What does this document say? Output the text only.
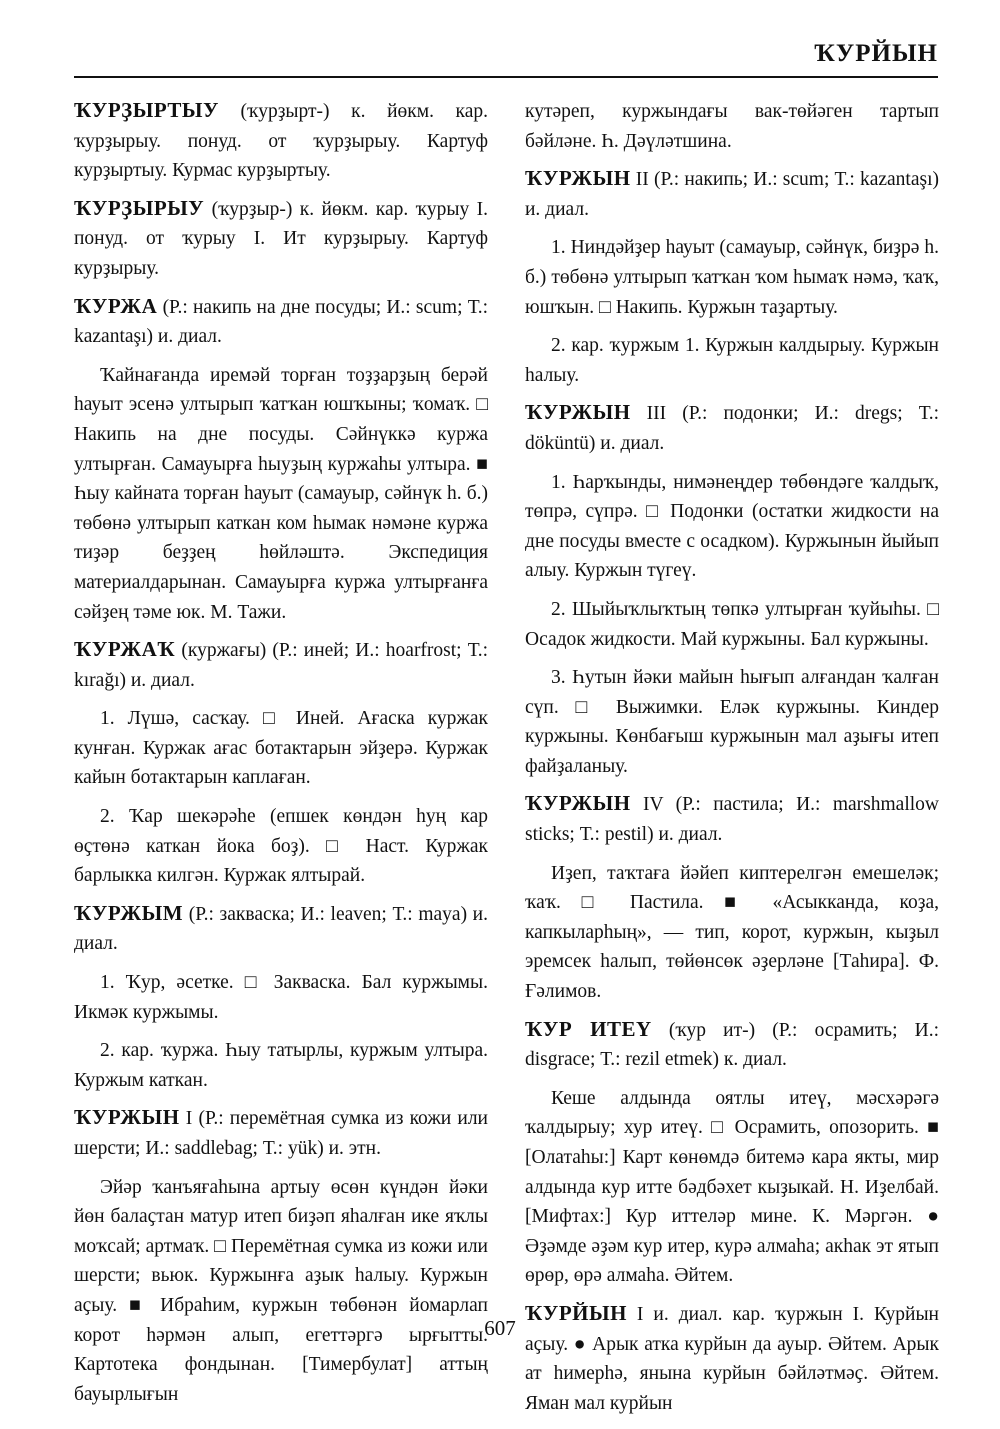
ҠУРЙЫН

ҠУРҘЫРТЫУ (ҡурҙырт-) к. йөкм. кар. ҡурҙырыу. понуд. от ҡурҙырыу. Картуф курҙыртыу. Курмас курҙыртыу.

ҠУРҘЫРЫУ (ҡурҙыр-) к. йөкм. кар. ҡурыу I. понуд. от ҡурыу I. Ит курҙырыу. Картуф курҙырыу.

ҠУРЖА (Р.: накипь на дне посуды; И.: scum; Т.: kazantaşı) и. диал.

Ҡайнағанда иремәй торған тоҙҙарҙың берәй һауыт эсенә ултырып ҡатҡан юшҡыны; ҡомаҡ. □ Накипь на дне посуды. Сәйнүккә куржа ултырған. Самауырға һыуҙың куржаһы ултыра. ■ Һыу кайната торған һауыт (самауыр, сәйнүк һ. б.) төбөнә ултырып каткан ком һымак нәмәне куржа тиҙәр беҙҙең һөйләштә. Экспедиция материалдарынан. Самауырға куржа ултырғанға сәйҙең тәме юк. М. Тажи.

ҠУРЖАҠ (куржағы) (Р.: иней; И.: hoarfrost; Т.: kırağı) и. диал.

1. Лүшә, сасҡау. □ Иней. Ағаска куржак кунған. Куржак ағас ботактарын эйҙерә. Куржак кайын ботактарын каплаған.

2. Ҡар шекәрәһе (епшек көндән һуң кар өҫтөнә каткан йока боҙ). □ Наст. Куржак барлыкка килгән. Куржак ялтырай.

ҠУРЖЫМ (Р.: закваска; И.: leaven; Т.: maya) и. диал.

1. Ҡур, әсетке. □ Закваска. Бал куржымы. Икмәк куржымы.

2. кар. ҡуржа. Һыу татырлы, куржым ултыра. Куржым каткан.

ҠУРЖЫН I (Р.: перемётная сумка из кожи или шерсти; И.: saddlebag; Т.: yük) и. этн.

Эйәр ҡанъяғаһына артыу өсөн күндән йәки йөн балаҫтан матур итеп биҙәп яһалған ике яҡлы моҡсай; артмаҡ. □ Перемётная сумка из кожи или шерсти; вьюк. Куржынға аҙык һалыу. Куржын аҫыу. ■ Ибраһим, куржын төбөнән йомарлап корот һәрмән алып, егеттәргә ырғытты. Картотека фондынан. [Тимербулат] аттың бауырлығын

кутәреп, куржындағы вак-төйәген тартып бәйләне. Һ. Дәүләтшина.

ҠУРЖЫН II (Р.: накипь; И.: scum; Т.: kazantaşı) и. диал.

1. Ниндәйҙер һауыт (самауыр, сәйнүк, биҙрә һ. б.) төбөнә ултырып ҡатҡан ҡом һымаҡ нәмә, ҡаҡ, юшҡын. □ Накипь. Куржын таҙартыу.

2. кар. ҡуржым 1. Куржын калдырыу. Куржын һалыу.

ҠУРЖЫН III (Р.: подонки; И.: dregs; Т.: döküntü) и. диал.

1. Һарҡынды, нимәнеңдер төбөндәге ҡалдыҡ, төпрә, сүпрә. □ Подонки (остатки жидкости на дне посуды вместе с осадком). Куржынын йыйып алыу. Куржын түгеү.

2. Шыйыҡлыҡтың төпкә ултырған ҡуйыһы. □ Осадок жидкости. Май куржыны. Бал куржыны.

3. Һутын йәки майын һығып алғандан ҡалған сүп. □ Выжимки. Еләк куржыны. Киндер куржыны. Көнбағыш куржынын мал аҙығы итеп файҙаланыу.

ҠУРЖЫН IV (Р.: пастила; И.: marshmallow sticks; Т.: pestil) и. диал.

Иҙеп, таҡтаға йәйеп киптерелгән емешеләк; ҡаҡ. □ Пастила. ■ «Асыкканда, коҙа, капкыларһың», — тип, корот, куржын, кыҙыл эремсек һалып, төйөнсөк әҙерләне [Таһира]. Ф. Ғәлимов.

ҠУР ИТЕҮ (ҡур ит-) (Р.: осрамить; И.: disgrace; Т.: rezil etmek) к. диал.

Кеше алдында оятлы итеү, мәсхәрәгә ҡалдырыу; хур итеү. □ Осрамить, опозорить. ■ [Олатаһы:] Карт көнөмдә битемә кара якты, мир алдында кур итте бәдбәхет кыҙыкай. Н. Иҙелбай. [Мифтах:] Кур иттеләр мине. К. Мәргән. ● Әҙәмде әҙәм кур итер, курә алмаһа; акһак эт ятып өрөр, өрә алмаһа. Әйтем.

ҠУРЙЫН I и. диал. кар. ҡуржын I. Курйын аҫыу. ● Арык атка курйын да ауыр. Әйтем. Арык ат һимерһә, янына курйын бәйләтмәҫ. Әйтем. Яман мал курйын

607
